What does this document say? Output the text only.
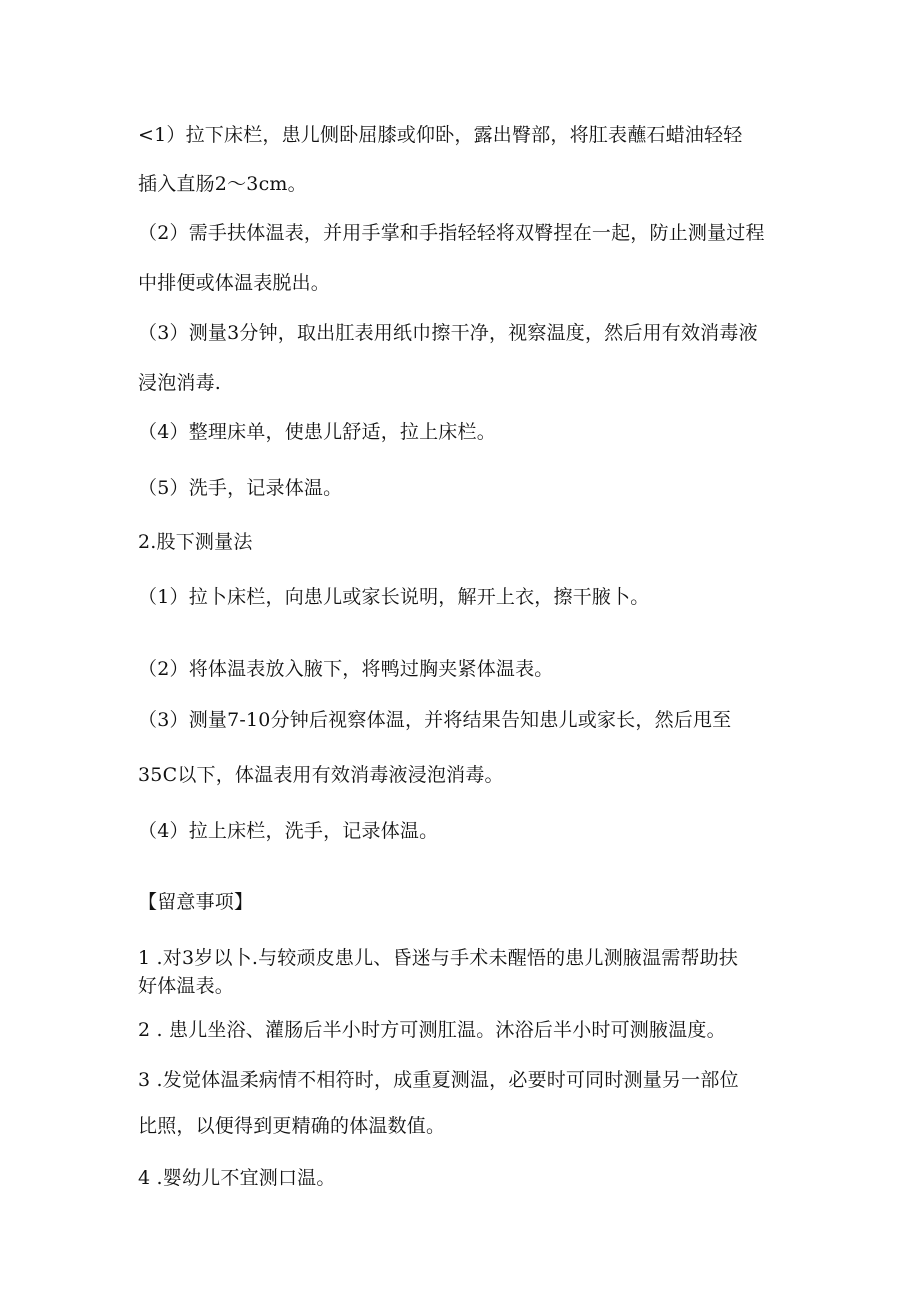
<1）拉下床栏，患儿侧卧屈膝或仰卧，露出臀部，将肛表蘸石蜡油轻轻
插入直肠2～3cm。
（2）需手扶体温表，并用手掌和手指轻轻将双臀捏在一起，防止测量过程
中排便或体温表脱出。
（3）测量3分钟，取出肛表用纸巾擦干净，视察温度，然后用有效消毒液
浸泡消毒.
（4）整理床单，使患儿舒适，拉上床栏。
（5）洗手，记录体温。
2.股下测量法
（1）拉卜床栏，向患儿或家长说明，解开上衣，擦干腋卜。
（2）将体温表放入腋下，将鸭过胸夹紧体温表。
（3）测量7-10分钟后视察体温，并将结果告知患儿或家长，然后甩至
35C以下，体温表用有效消毒液浸泡消毒。
（4）拉上床栏，洗手，记录体温。
【留意事项】
1 .对3岁以卜.与较顽皮患儿、昏迷与手术未醒悟的患儿测腋温需帮助扶
好体温表。
2 . 患儿坐浴、灌肠后半小时方可测肛温。沐浴后半小时可测腋温度。
3 .发觉体温柔病情不相符时，成重夏测温，必要时可同时测量另一部位
比照，以便得到更精确的体温数值。
4 .婴幼儿不宜测口温。
